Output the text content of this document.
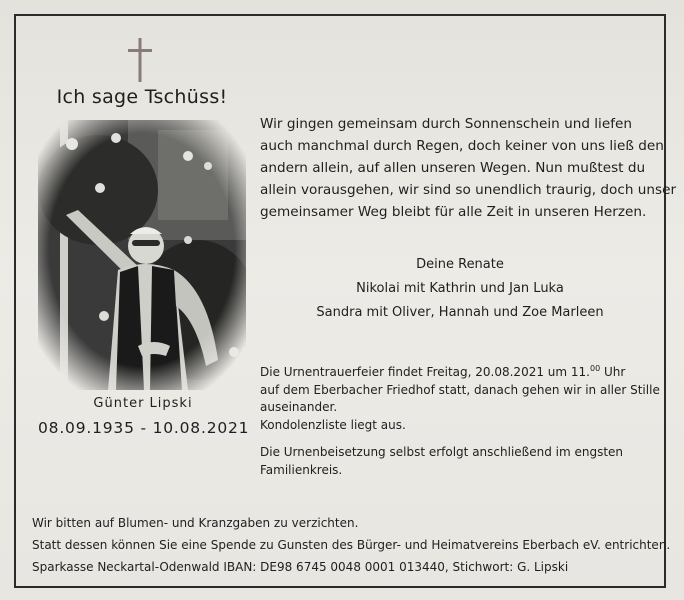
Ich sage Tschüss!
Günter Lipski
08.09.1935 - 10.08.2021
Wir gingen gemeinsam durch Sonnenschein und liefen
auch manchmal durch Regen, doch keiner von uns ließ den
andern allein, auf allen unseren Wegen. Nun mußtest du
allein vorausgehen, wir sind so unendlich traurig, doch unser
gemeinsamer Weg bleibt für alle Zeit in unseren Herzen.
Deine Renate
Nikolai mit Kathrin und Jan Luka
Sandra mit Oliver, Hannah und Zoe Marleen
Die Urnentrauerfeier findet Freitag, 20.08.2021 um 11.00 Uhr
auf dem Eberbacher Friedhof statt, danach gehen wir in aller Stille
auseinander.
Kondolenzliste liegt aus.
Die Urnenbeisetzung selbst erfolgt anschließend im engsten
Familienkreis.
Wir bitten auf Blumen- und Kranzgaben zu verzichten.
Statt dessen können Sie eine Spende zu Gunsten des Bürger- und Heimatvereins Eberbach eV. entrichten.
Sparkasse Neckartal-Odenwald IBAN: DE98 6745 0048 0001 013440, Stichwort: G. Lipski
